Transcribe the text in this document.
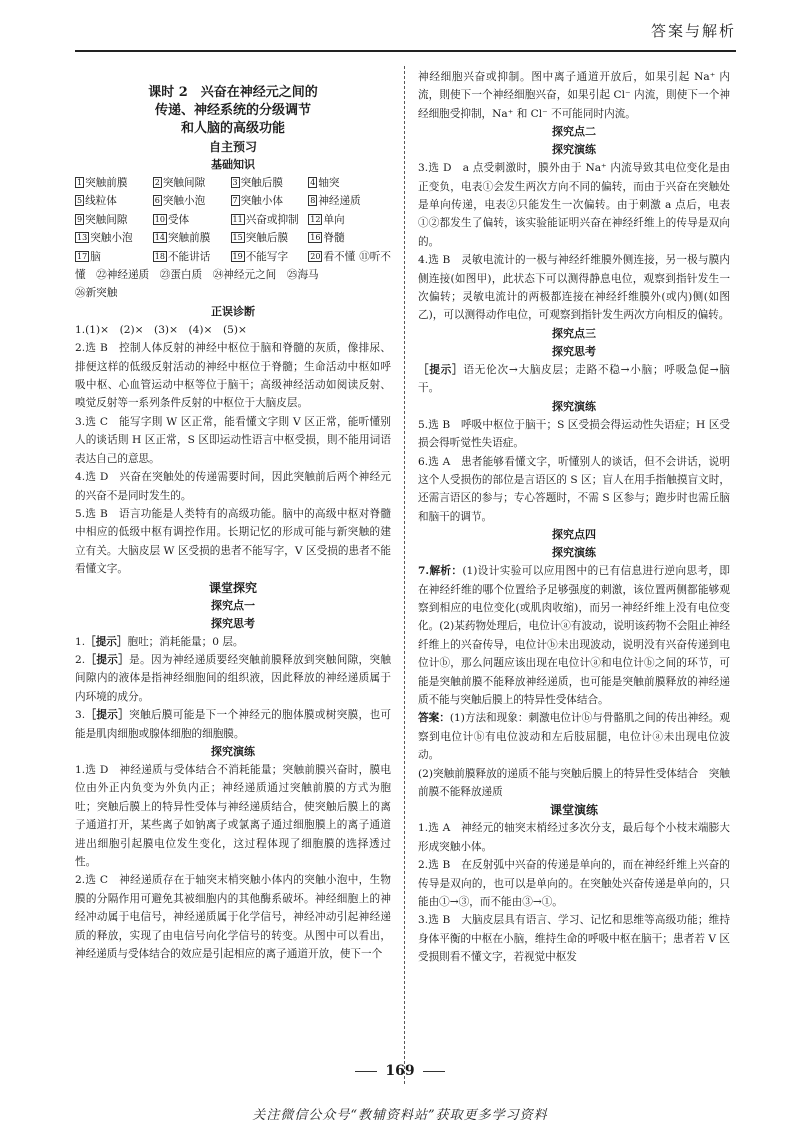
答案与解析

课时 2　兴奋在神经元之间的

传递、神经系统的分级调节

和人脑的高级功能

自主预习

基础知识

1 突触前膜	2 突触间隙	3 突触后膜	4 轴突
5 线粒体	6 突触小泡	7 突触小体	8 神经递质
9 突触间隙	10 受体	11 兴奋或抑制	12 单向
13 突触小泡	14 突触前膜	15 突触后膜	16 脊髓
17 脑	18 不能讲话	19 不能写字	20 看不懂 ⑪听不

懂　㉒神经递质　㉓蛋白质　㉔神经元之间　㉕海马

㉖新突触

正误诊断

1.(1)×　(2)×　(3)×　(4)×　(5)×

2.选 B　控制人体反射的神经中枢位于脑和脊髓的灰质，像排尿、排便这样的低级反射活动的神经中枢位于脊髓；生命活动中枢如呼吸中枢、心血管运动中枢等位于脑干；高级神经活动如阅读反射、嗅觉反射等一系列条件反射的中枢位于大脑皮层。

3.选 C　能写字則 W 区正常，能看懂文字則 V 区正常，能听懂别人的谈话則 H 区正常，S 区即运动性语言中枢受损，則不能用词语表达自己的意思。

4.选 D　兴奋在突触处的传递需要时间，因此突触前后两个神经元的兴奋不是同时发生的。

5.选 B　语言功能是人类特有的高级功能。脑中的高级中枢对脊髓中相应的低级中枢有调控作用。长期记忆的形成可能与新突触的建立有关。大脑皮层 W 区受损的患者不能写字，V 区受损的患者不能看懂文字。

课堂探究

探究点一

探究思考

1.［提示］胞吐；消耗能量；0 层。

2.［提示］是。因为神经递质要经突触前膜释放到突触间隙，突触间隙内的液体是指神经细胞间的组织液，因此释放的神经递质属于内环境的成分。

3.［提示］突触后膜可能是下一个神经元的胞体膜或树突膜，也可能是肌肉细胞或腺体细胞的细胞膜。

探究演练

1.选 D　神经递质与受体结合不消耗能量；突触前膜兴奋时，膜电位由外正内负变为外负内正；神经递质通过突触前膜的方式为胞吐；突触后膜上的特异性受体与神经递质结合，使突触后膜上的离子通道打开，某些离子如钠离子或氯离子通过细胞膜上的离子通道进出细胞引起膜电位发生变化，这过程体现了细胞膜的选择透过性。

2.选 C　神经递质存在于轴突末梢突触小体内的突触小泡中，生物膜的分隔作用可避免其被细胞内的其他酶系破坏。神经细胞上的神经冲动属于电信号，神经递质属于化学信号，神经冲动引起神经递质的释放，实现了由电信号向化学信号的转变。从图中可以看出，神经递质与受体结合的效应是引起相应的离子通道开放，使下一个

神经细胞兴奋或抑制。图中离子通道开放后，如果引起 Na⁺ 内流，則使下一个神经细胞兴奋，如果引起 Cl⁻ 内流，則使下一个神经细胞受抑制，Na⁺ 和 Cl⁻ 不可能同时内流。

探究点二

探究演练

3.选 D　a 点受刺激时，膜外由于 Na⁺ 内流导致其电位变化是由正变负，电表①会发生两次方向不同的偏转，而由于兴奋在突触处是单向传递，电表②只能发生一次偏转。由于刺激 a 点后，电表①②都发生了偏转，该实验能证明兴奋在神经纤维上的传导是双向的。

4.选 B　灵敏电流计的一极与神经纤维膜外侧连接，另一极与膜内侧连接(如图甲)，此状态下可以测得静息电位，观察到指针发生一次偏转；灵敏电流计的两极都连接在神经纤维膜外(或内)侧(如图乙)，可以测得动作电位，可观察到指针发生两次方向相反的偏转。

探究点三

探究思考

［提示］语无伦次→大脑皮层；走路不稳→小脑；呼吸急促→脑干。

探究演练

5.选 B　呼吸中枢位于脑干；S 区受损会得运动性失语症；H 区受损会得听觉性失语症。

6.选 A　患者能够看懂文字，听懂别人的谈话，但不会讲话，说明这个人受损伤的部位是言语区的 S 区；盲人在用手指触摸盲文时，还需言语区的参与；专心答题时，不需 S 区参与；跑步时也需丘脑和脑干的调节。

探究点四

探究演练

7.解析：(1)设计实验可以应用图中的已有信息进行逆向思考，即在神经纤维的哪个位置给予足够强度的刺激，该位置两侧都能够观察到相应的电位变化(或肌肉收缩)，而另一神经纤维上没有电位变化。(2)某药物处理后，电位计ⓐ有波动，说明该药物不会阻止神经纤维上的兴奋传导，电位计ⓑ未出现波动，说明没有兴奋传递到电位计ⓑ，那么问题应该出现在电位计ⓐ和电位计ⓑ之间的环节，可能是突触前膜不能释放神经递质，也可能是突触前膜释放的神经递质不能与突触后膜上的特异性受体结合。

答案：(1)方法和现象：刺激电位计ⓑ与骨骼肌之间的传出神经。观察到电位计ⓑ有电位波动和左后肢屈腿，电位计ⓐ未出现电位波动。

(2)突触前膜释放的递质不能与突触后膜上的特异性受体结合　突触前膜不能释放递质

课堂演练

1.选 A　神经元的轴突末梢经过多次分支，最后每个小枝末端膨大形成突触小体。

2.选 B　在反射弧中兴奋的传递是单向的，而在神经纤维上兴奋的传导是双向的，也可以是单向的。在突触处兴奋传递是单向的，只能由①→③，而不能由③→①。

3.选 B　大脑皮层具有语言、学习、记忆和思维等高级功能；维持身体平衡的中枢在小脑，维持生命的呼吸中枢在脑干；患者若 V 区受损則看不懂文字，若视觉中枢发

169
关注微信公众号“教辅资料站”获取更多学习资料
